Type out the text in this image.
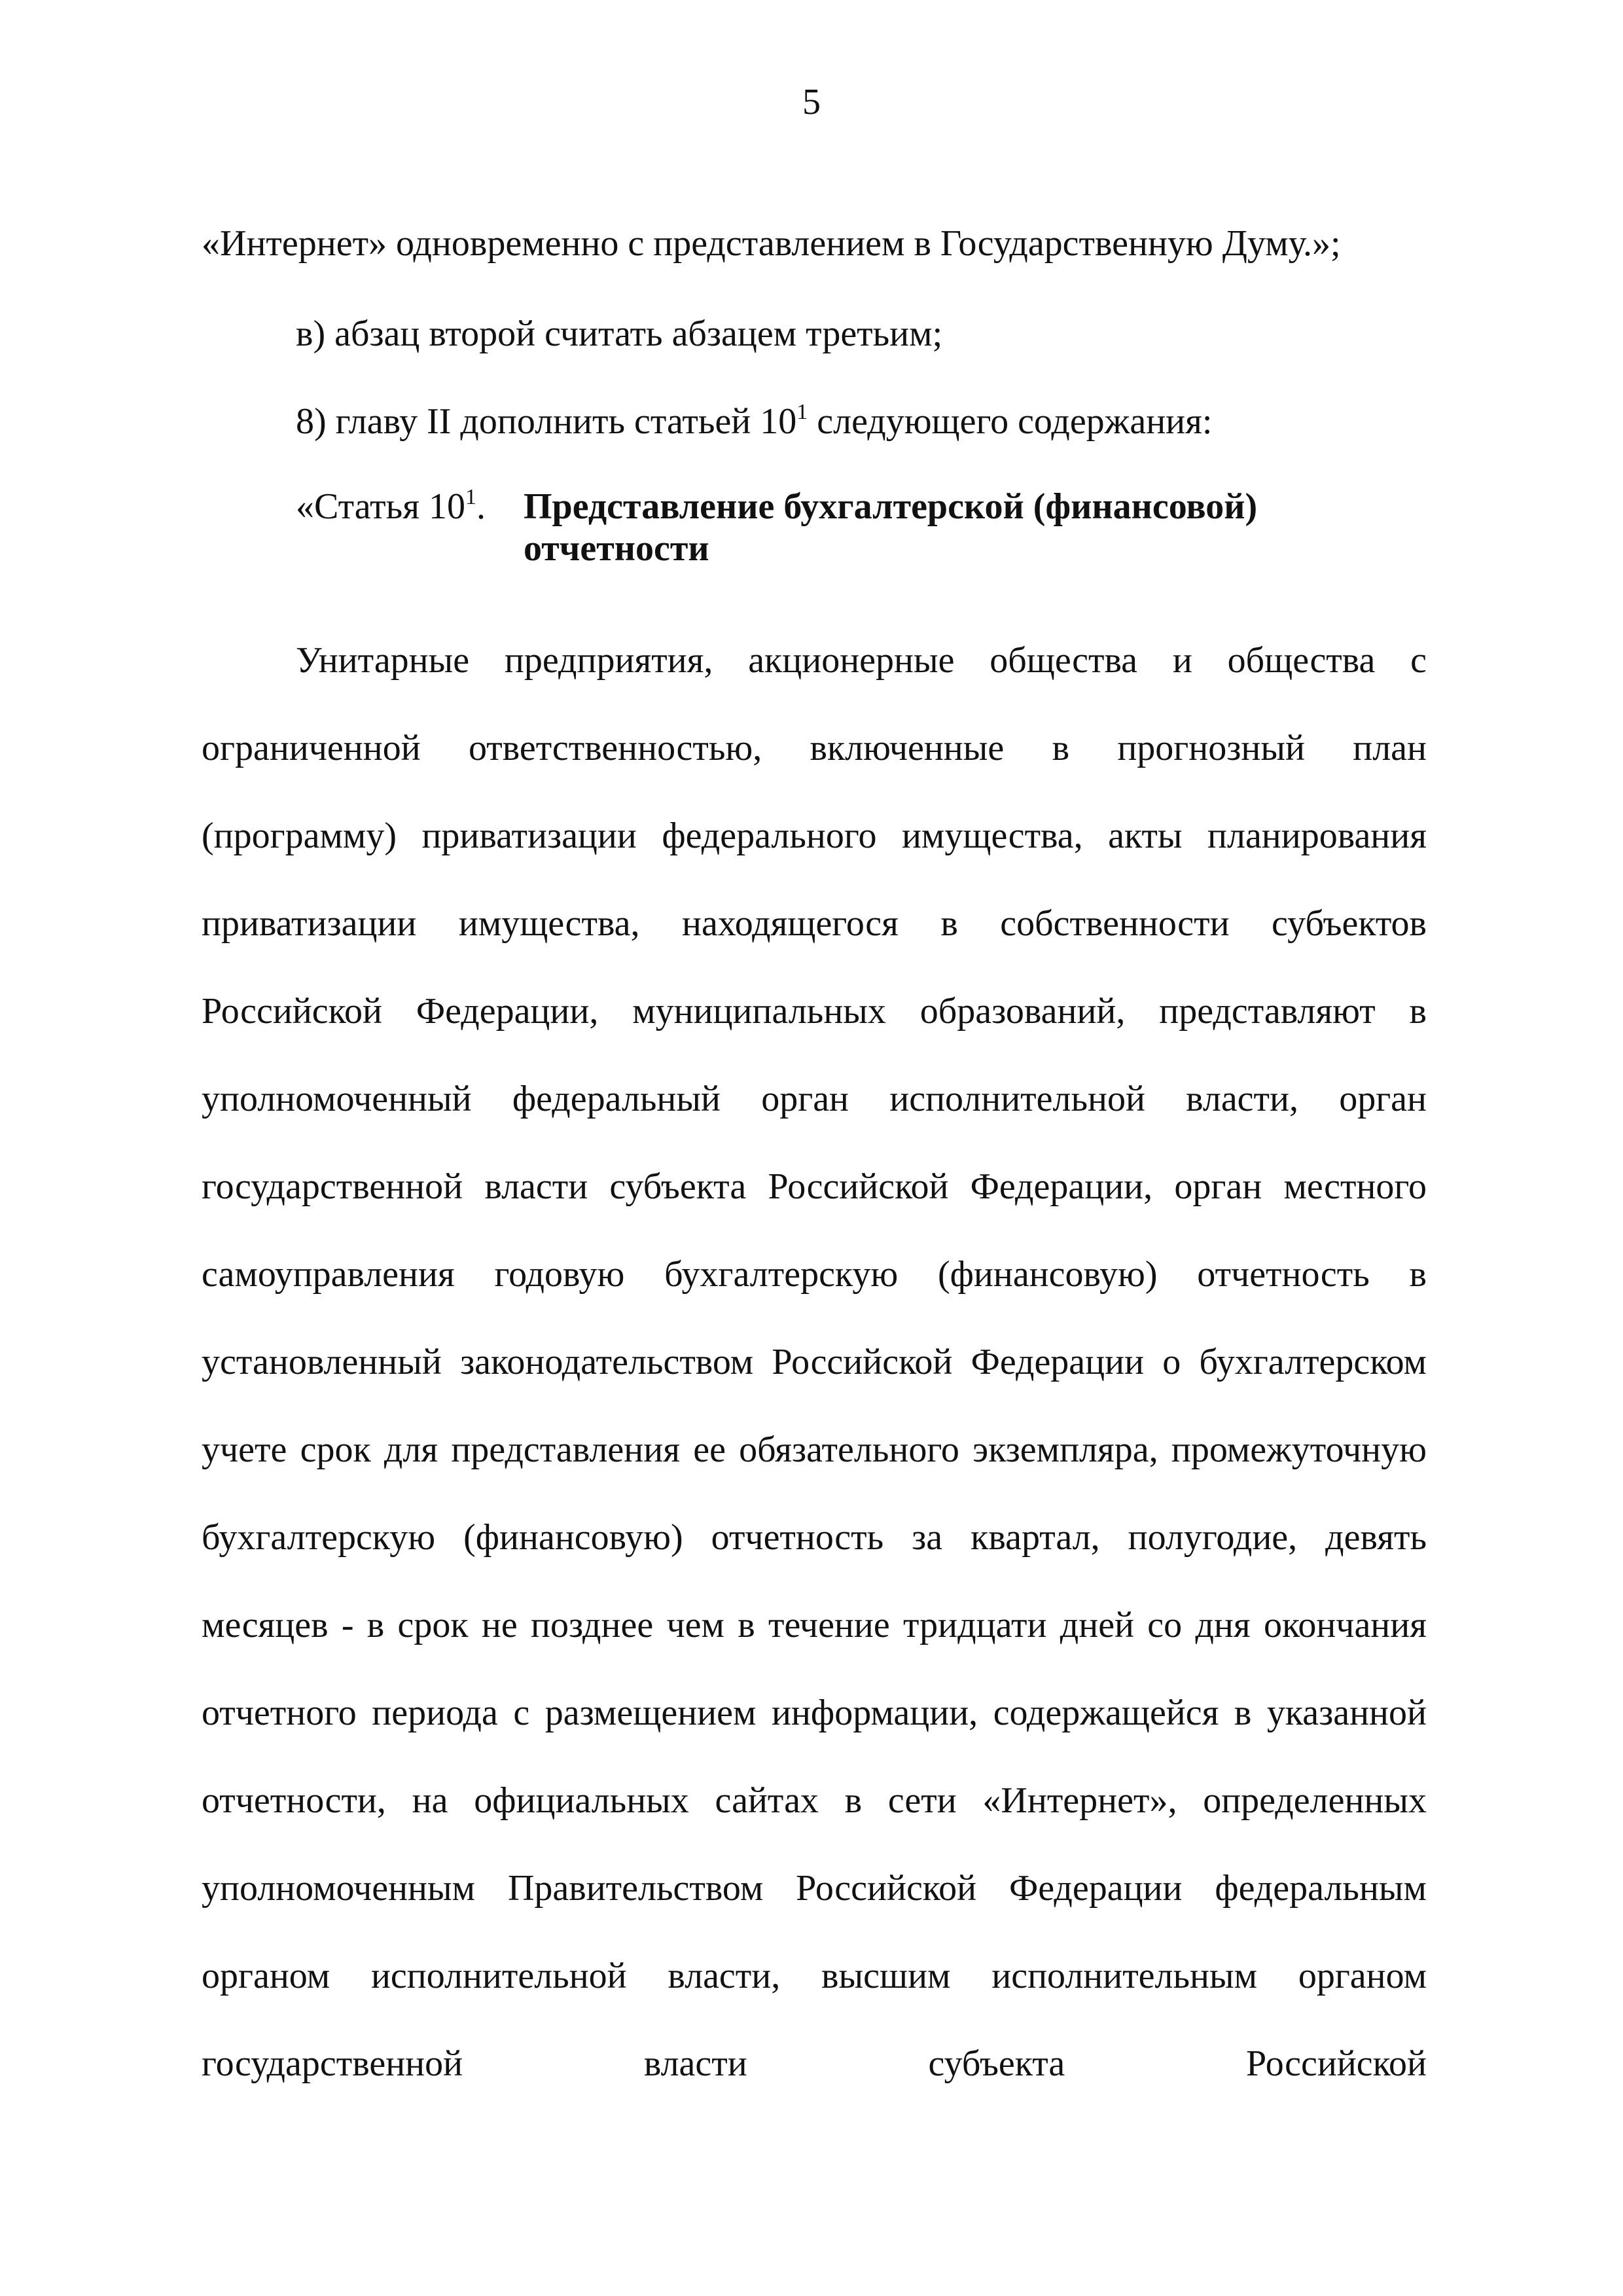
5
«Интернет» одновременно с представлением в Государственную Думу.»;
в) абзац второй считать абзацем третьим;
8) главу II дополнить статьей $10^1$ следующего содержания:
«Статья $10^1$. Представление бухгалтерской (финансовой) отчетности

Унитарные предприятия, акционерные общества и общества с ограниченной ответственностью, включенные в прогнозный план (программу) приватизации федерального имущества, акты планирования приватизации имущества, находящегося в собственности субъектов Российской Федерации, муниципальных образований, представляют в уполномоченный федеральный орган исполнительной власти, орган государственной власти субъекта Российской Федерации, орган местного самоуправления годовую бухгалтерскую (финансовую) отчетность в установленный законодательством Российской Федерации о бухгалтерском учете срок для представления ее обязательного экземпляра, промежуточную бухгалтерскую (финансовую) отчетность за квартал, полугодие, девять месяцев - в срок не позднее чем в течение тридцати дней со дня окончания отчетного периода с размещением информации, содержащейся в указанной отчетности, на официальных сайтах в сети «Интернет», определенных уполномоченным Правительством Российской Федерации федеральным органом исполнительной власти, высшим исполнительным органом государственной власти субъекта Российской
